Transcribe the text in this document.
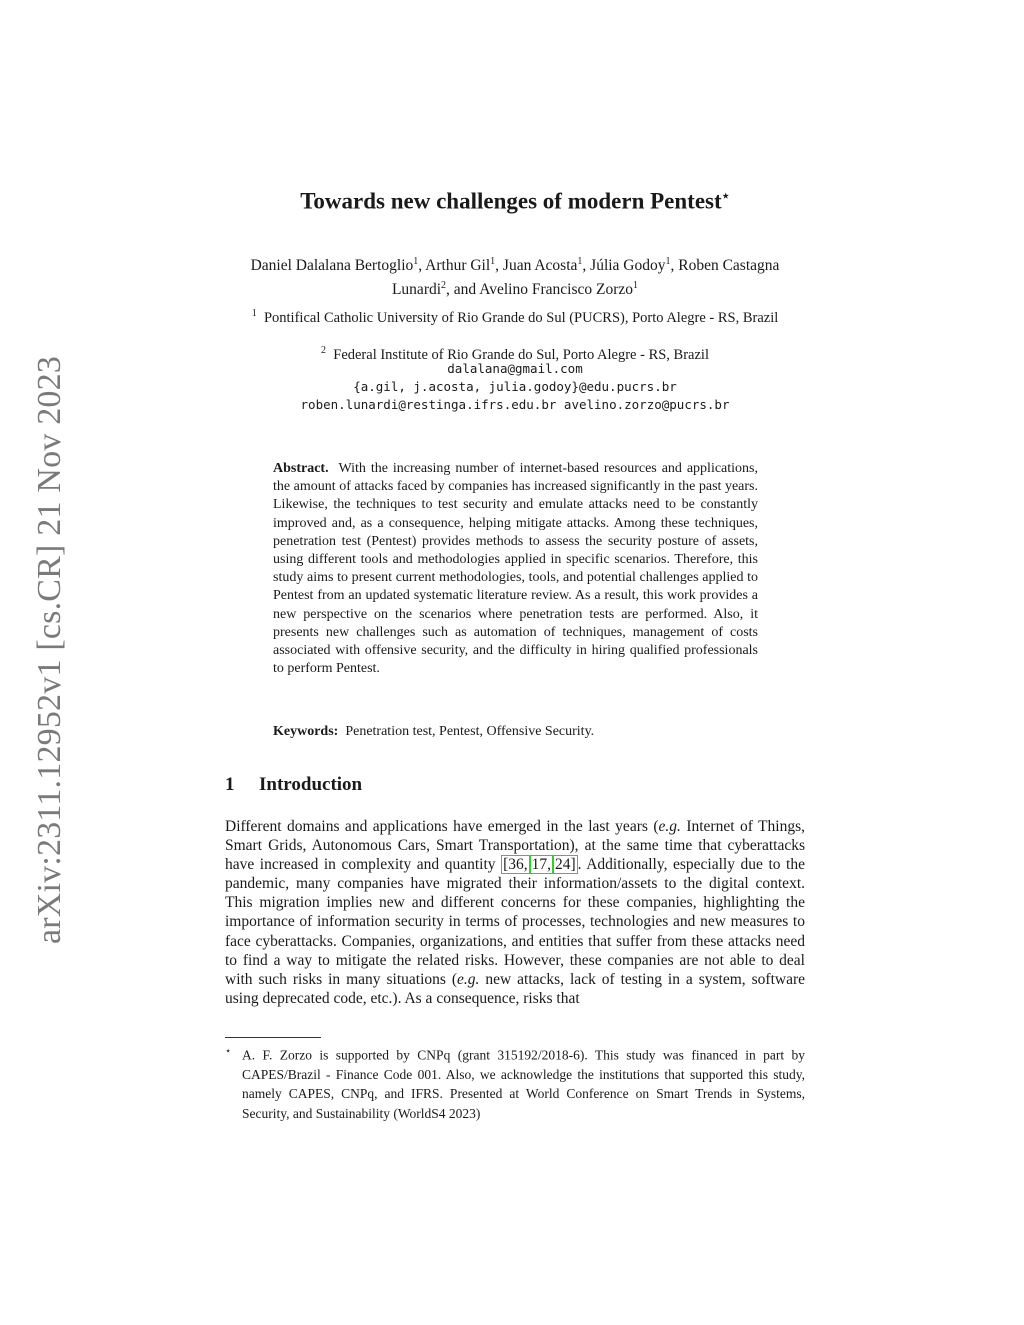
arXiv:2311.12952v1 [cs.CR] 21 Nov 2023
Towards new challenges of modern Pentest⋆
Daniel Dalalana Bertoglio$^1$, Arthur Gil$^1$, Juan Acosta$^1$, Júlia Godoy$^1$, Roben Castagna Lunardi$^2$, and Avelino Francisco Zorzo$^1$
$^1$ Pontifical Catholic University of Rio Grande do Sul (PUCRS), Porto Alegre - RS, Brazil
$^2$ Federal Institute of Rio Grande do Sul, Porto Alegre - RS, Brazil
dalalana@gmail.com
{a.gil, j.acosta, julia.godoy}@edu.pucrs.br
roben.lunardi@restinga.ifrs.edu.br avelino.zorzo@pucrs.br
Abstract. With the increasing number of internet-based resources and applications, the amount of attacks faced by companies has increased significantly in the past years. Likewise, the techniques to test security and emulate attacks need to be constantly improved and, as a consequence, helping mitigate attacks. Among these techniques, penetration test (Pentest) provides methods to assess the security posture of assets, using different tools and methodologies applied in specific scenarios. Therefore, this study aims to present current methodologies, tools, and potential challenges applied to Pentest from an updated systematic literature review. As a result, this work provides a new perspective on the scenarios where penetration tests are performed. Also, it presents new challenges such as automation of techniques, management of costs associated with offensive security, and the difficulty in hiring qualified professionals to perform Pentest.
Keywords: Penetration test, Pentest, Offensive Security.
1 Introduction
Different domains and applications have emerged in the last years (e.g. Internet of Things, Smart Grids, Autonomous Cars, Smart Transportation), at the same time that cyberattacks have increased in complexity and quantity [36, 17, 24] . Additionally, especially due to the pandemic, many companies have migrated their information/assets to the digital context. This migration implies new and different concerns for these companies, highlighting the importance of information security in terms of processes, technologies and new measures to face cyberattacks. Companies, organizations, and entities that suffer from these attacks need to find a way to mitigate the related risks. However, these companies are not able to deal with such risks in many situations (e.g. new attacks, lack of testing in a system, software using deprecated code, etc.). As a consequence, risks that
⋆ A. F. Zorzo is supported by CNPq (grant 315192/2018-6). This study was financed in part by CAPES/Brazil - Finance Code 001. Also, we acknowledge the institutions that supported this study, namely CAPES, CNPq, and IFRS. Presented at World Conference on Smart Trends in Systems, Security, and Sustainability (WorldS4 2023)
